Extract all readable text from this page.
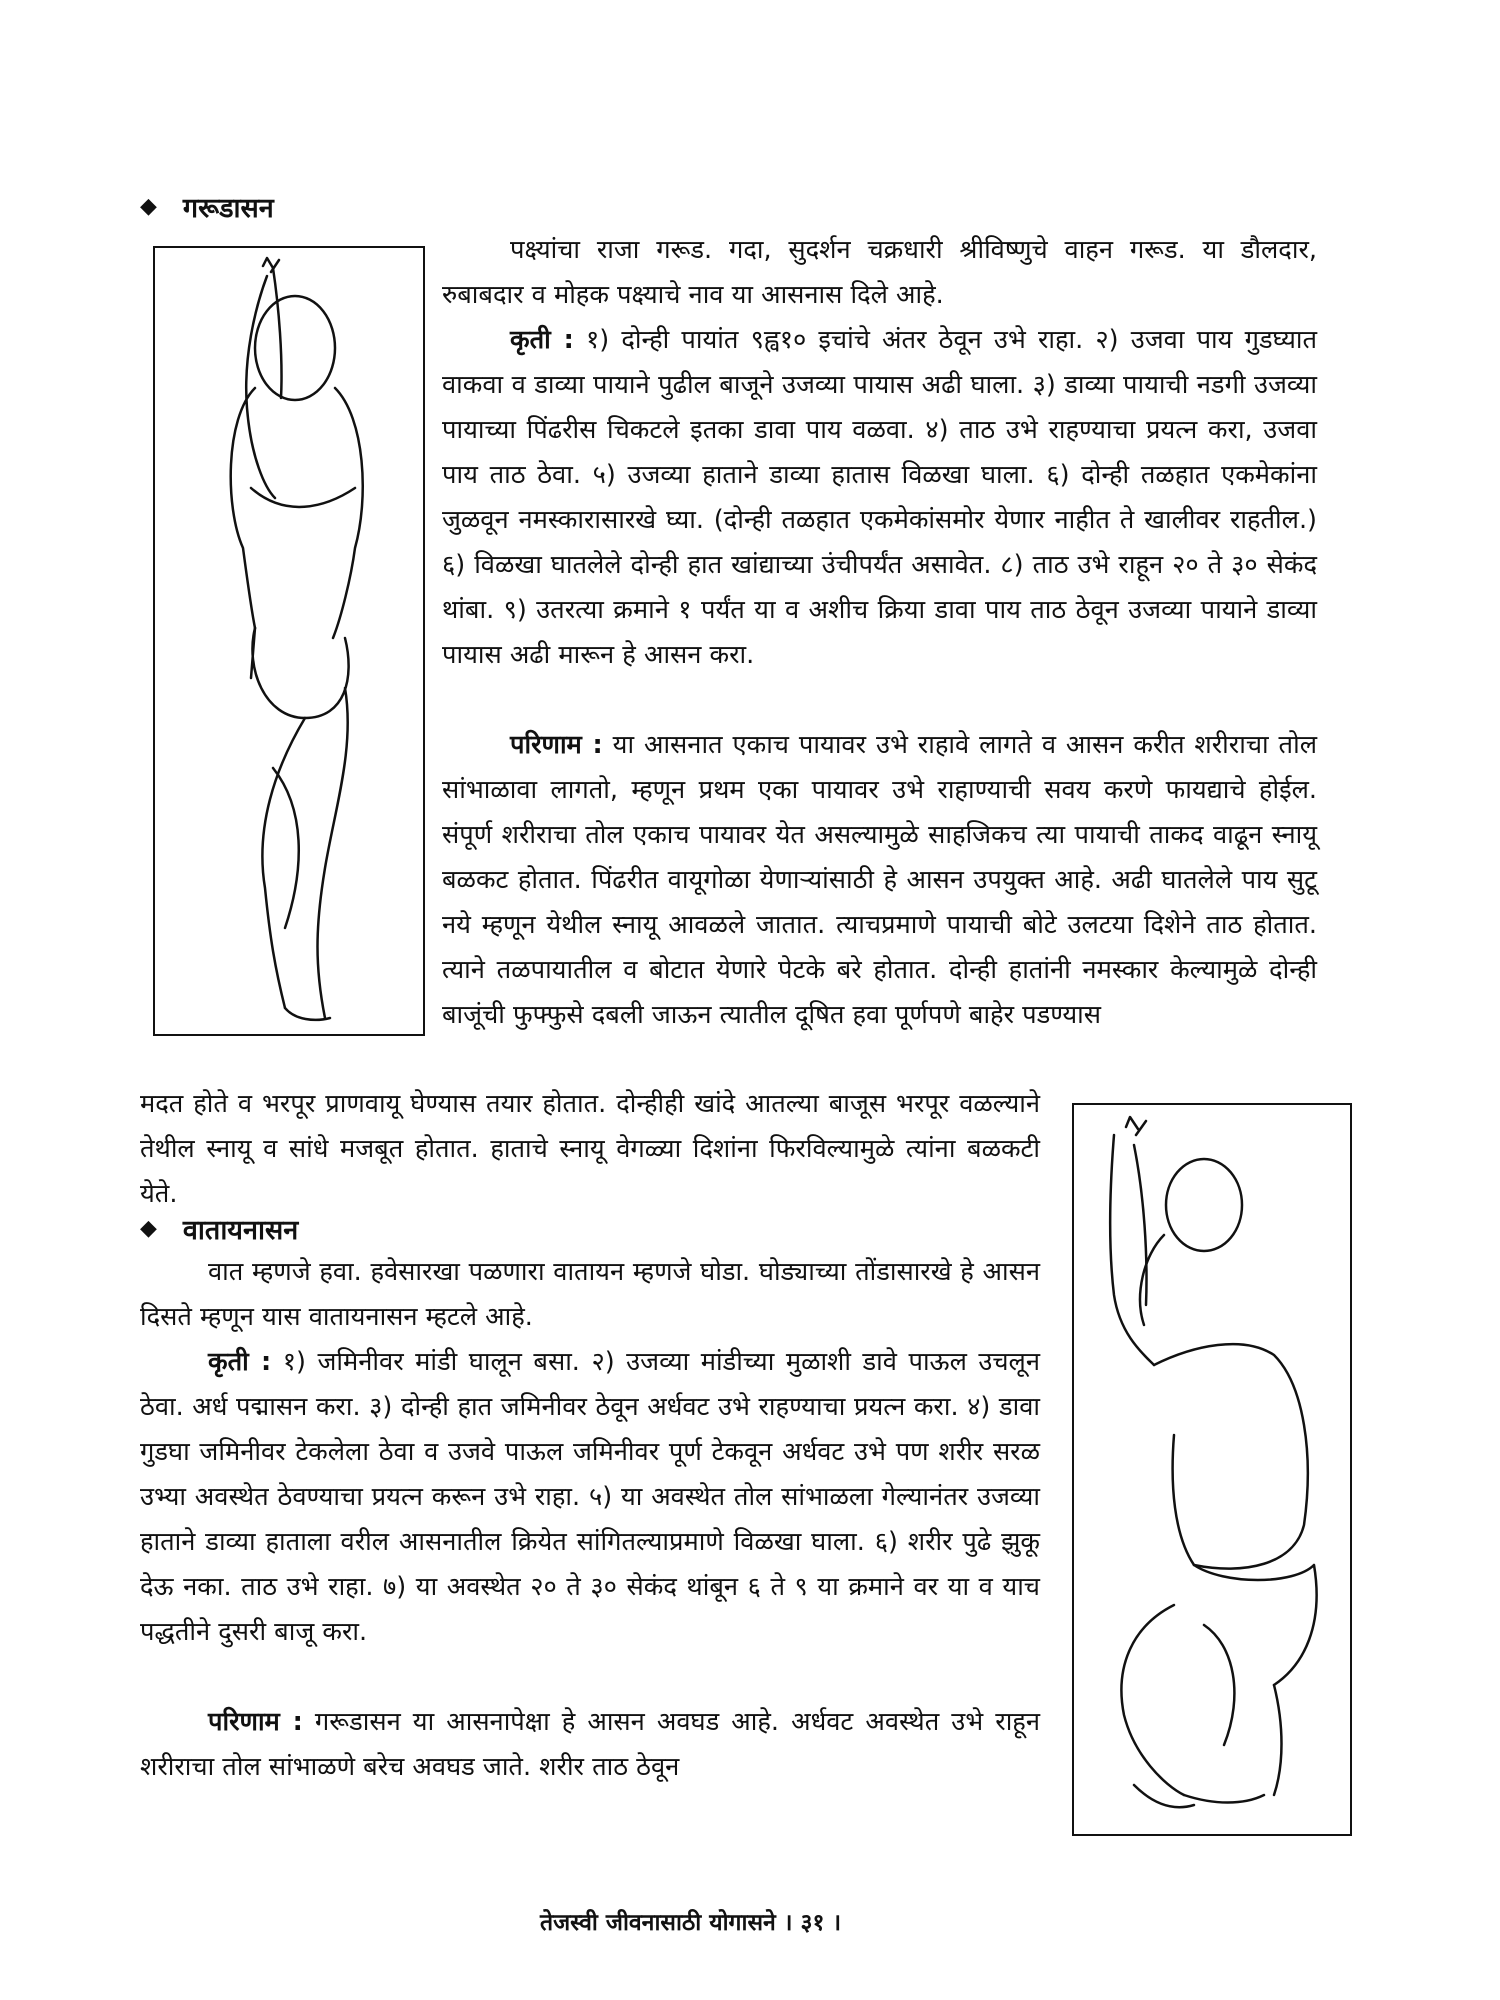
◆ गरूडासन

पक्ष्यांचा राजा गरूड. गदा, सुदर्शन चक्रधारी श्रीविष्णुचे वाहन गरूड. या डौलदार, रुबाबदार व मोहक पक्ष्याचे नाव या आसनास दिले आहे.

कृती : १) दोन्ही पायांत ९ह्व१० इचांचे अंतर ठेवून उभे राहा. २) उजवा पाय गुडघ्यात वाकवा व डाव्या पायाने पुढील बाजूने उजव्या पायास अढी घाला. ३) डाव्या पायाची नडगी उजव्या पायाच्या पिंढरीस चिकटले इतका डावा पाय वळवा. ४) ताठ उभे राहण्याचा प्रयत्न करा, उजवा पाय ताठ ठेवा. ५) उजव्या हाताने डाव्या हातास विळखा घाला. ६) दोन्ही तळहात एकमेकांना जुळवून नमस्कारासारखे घ्या. (दोन्ही तळहात एकमेकांसमोर येणार नाहीत ते खालीवर राहतील.) ६) विळखा घातलेले दोन्ही हात खांद्याच्या उंचीपर्यंत असावेत. ८) ताठ उभे राहून २० ते ३० सेकंद थांबा. ९) उतरत्या क्रमाने १ पर्यंत या व अशीच क्रिया डावा पाय ताठ ठेवून उजव्या पायाने डाव्या पायास अढी मारून हे आसन करा.

परिणाम : या आसनात एकाच पायावर उभे राहावे लागते व आसन करीत शरीराचा तोल सांभाळावा लागतो, म्हणून प्रथम एका पायावर उभे राहाण्याची सवय करणे फायद्याचे होईल. संपूर्ण शरीराचा तोल एकाच पायावर येत असल्यामुळे साहजिकच त्या पायाची ताकद वाढून स्नायू बळकट होतात. पिंढरीत वायूगोळा येणाऱ्यांसाठी हे आसन उपयुक्त आहे. अढी घातलेले पाय सुटू नये म्हणून येथील स्नायू आवळले जातात. त्याचप्रमाणे पायाची बोटे उलटया दिशेने ताठ होतात. त्याने तळपायातील व बोटात येणारे पेटके बरे होतात. दोन्ही हातांनी नमस्कार केल्यामुळे दोन्ही बाजूंची फुफ्फुसे दबली जाऊन त्यातील दूषित हवा पूर्णपणे बाहेर पडण्यास

मदत होते व भरपूर प्राणवायू घेण्यास तयार होतात. दोन्हीही खांदे आतल्या बाजूस भरपूर वळल्याने तेथील स्नायू व सांधे मजबूत होतात. हाताचे स्नायू वेगळ्या दिशांना फिरविल्यामुळे त्यांना बळकटी येते.

◆ वातायनासन

वात म्हणजे हवा. हवेसारखा पळणारा वातायन म्हणजे घोडा. घोड्याच्या तोंडासारखे हे आसन दिसते म्हणून यास वातायनासन म्हटले आहे.

कृती : १) जमिनीवर मांडी घालून बसा. २) उजव्या मांडीच्या मुळाशी डावे पाऊल उचलून ठेवा. अर्ध पद्मासन करा. ३) दोन्ही हात जमिनीवर ठेवून अर्धवट उभे राहण्याचा प्रयत्न करा. ४) डावा गुडघा जमिनीवर टेकलेला ठेवा व उजवे पाऊल जमिनीवर पूर्ण टेकवून अर्धवट उभे पण शरीर सरळ उभ्या अवस्थेत ठेवण्याचा प्रयत्न करून उभे राहा. ५) या अवस्थेत तोल सांभाळला गेल्यानंतर उजव्या हाताने डाव्या हाताला वरील आसनातील क्रियेत सांगितल्याप्रमाणे विळखा घाला. ६) शरीर पुढे झुकू देऊ नका. ताठ उभे राहा. ७) या अवस्थेत २० ते ३० सेकंद थांबून ६ ते ९ या क्रमाने वर या व याच पद्धतीने दुसरी बाजू करा.

परिणाम : गरूडासन या आसनापेक्षा हे आसन अवघड आहे. अर्धवट अवस्थेत उभे राहून शरीराचा तोल सांभाळणे बरेच अवघड जाते. शरीर ताठ ठेवून

तेजस्वी जीवनासाठी योगासने । ३१ ।
